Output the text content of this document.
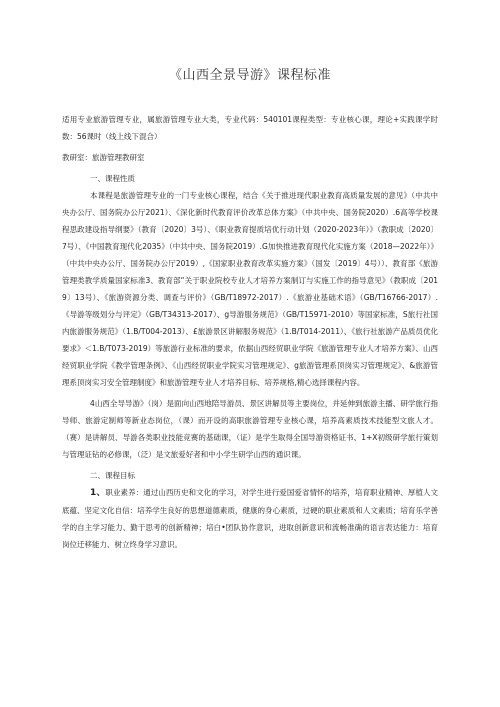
《山西全景导游》课程标准

适用专业旅游管理专业，属旅游管理专业大类，专业代码：540101课程类型：专业核心课，理论+实践课学时数：56课时（线上线下混合）

教研室：旅游管理教研室

一、课程性质

本课程是旅游管理专业的一门专业核心课程，结合《关于推进现代职业教育高质量发展的意见》（中共中央办公厅、国务院办公厅2021）、《深化新时代教育评价改革总体方案》（中共中央、国务院2020）.6高等学校课程思政建设指导纲要》（教育〔2020〕3号）、《职业教育提质培优行动计划（2020-2023年）》（教职成〔2020〕7号）、《中国教育现代化2035》（中共中央、国务院2019）.G加快推进教育现代化实施方案（2018—2022年）》（中共中央办公厅、国务院办公厅2019）,《国家职业教育改革实施方案》（国发〔2019〕4号））、教育部《旅游管理类教学质量国家标准3、教育部“关于职业院校专业人才培养方案制订与实施工作的指导意见》（教职成〔2019〕13号）、《旅游资源分类、调查与评价》（GB/T18972-2017）.《旅游业基础术语》（GB/T16766-2017）.《导游等级划分与评定》（GB/T34313-2017）、g导游服务规范》（GB/T15971-2010）等国家标准，S旅行社国内旅游服务规范》（1.B/T004-2013）、£旅游景区讲解服务规范》（1.B/T014-2011）、《旅行社旅游产品质员优化要求》＜1.B/T073-2019）等旅游行业标准的要求，依据山西经贸职业学院《旅游管理专业人才培养方案》、山西经贸职业学院《教学管理条例》、《山西经贸职业学院实习管理规定》、g旅游管理系顶岗实习管理规定》、&旅游管理系顶岗实习安全管理制度》和旅游管理专业人才培养目标、培养规格,精心选择课程内容。

4山西全导导游》（岗）是面向山西地陪导游员、景区讲解员等主要岗位，并延伸到旅游主播、研学旅行指导师、旅游定制师等新业态岗位，（课）而开设的高职旅游管理专业核心课，培养高素质技术技能型文旅人才。（赛）是讲解员、导游各类职业技能竞赛的基础课，（证）是学生取得全国导游资格证书、1+X初级研学旅行策划与管理证钻的必修课，（泛）是文旅爱好者和中小学生研学山西的通识课。

二、课程目标

1、职业素养：通过山西历史和文化的学习，对学生进行爱国爱省情怀的培养，培育职业精神、厚植人文底蕴、坚定文化自信：培养学生良好的思想道德素质，健康的身心素质，过硬的职业素质和人文素质；培育乐学善学的自主学习能力、勤于思考的创新精神；培白•团队协作意识，进取创新意识和流畅准确的语言表达能力：培育岗位迁移能力、树立终身学习意识。
